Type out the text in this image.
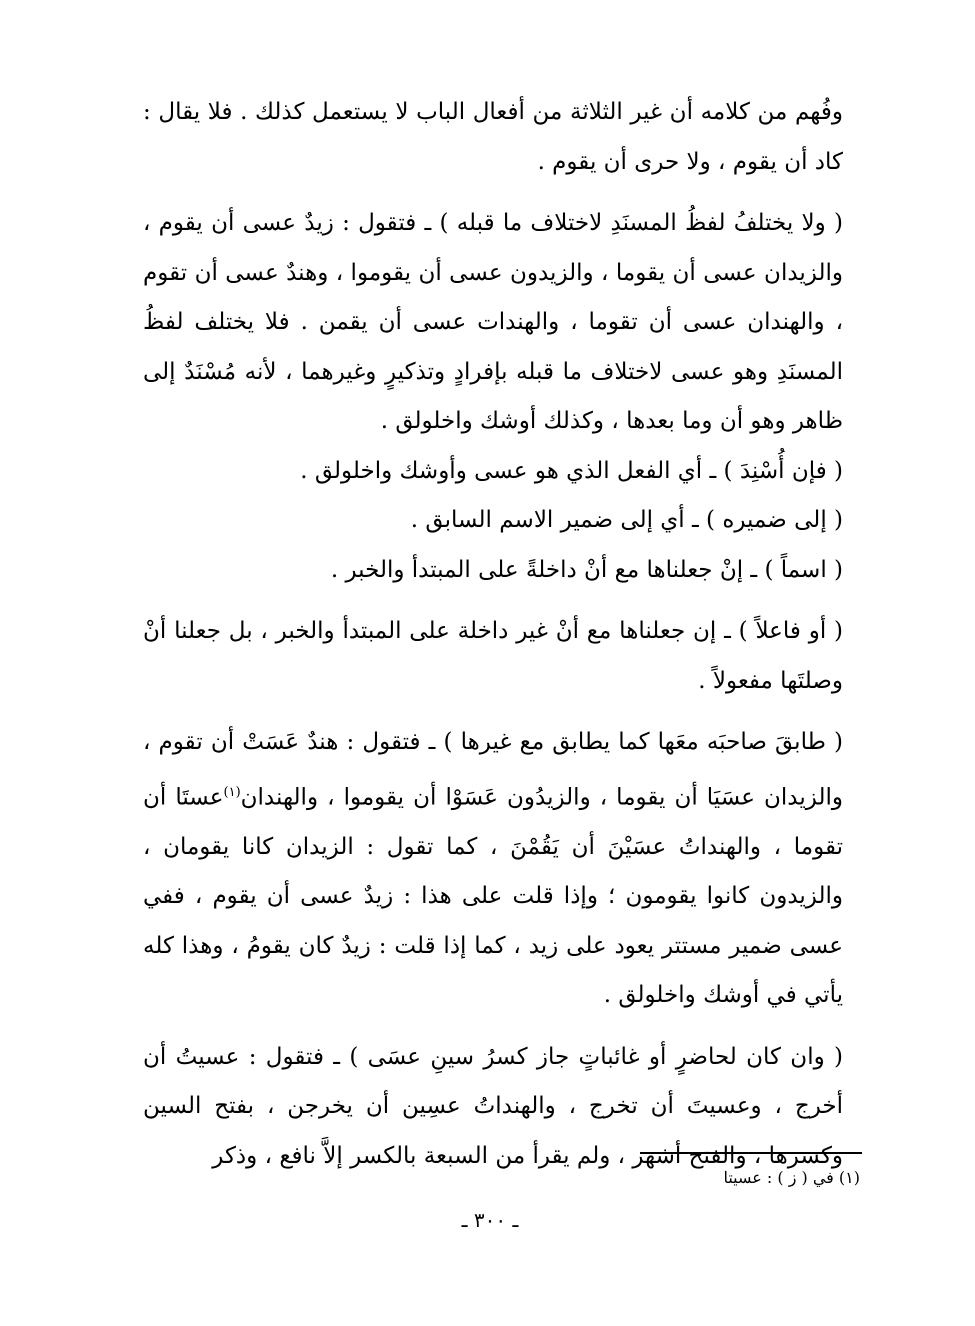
وفُهم من كلامه أن غير الثلاثة من أفعال الباب لا يستعمل كذلك . فلا يقال : كاد أن يقوم ، ولا حرى أن يقوم .

( ولا يختلفُ لفظُ المسنَدِ لاختلاف ما قبله ) ـ فتقول : زيدٌ عسى أن يقوم ، والزيدان عسى أن يقوما ، والزيدون عسى أن يقوموا ، وهندٌ عسى أن تقوم ، والهندان عسى أن تقوما ، والهندات عسى أن يقمن . فلا يختلف لفظُ المسنَدِ وهو عسى لاختلاف ما قبله بإفرادٍ وتذكيرٍ وغيرهما ، لأنه مُسْنَدٌ إلى ظاهر وهو أن وما بعدها ، وكذلك أوشك واخلولق .

( فإن أُسْنِدَ ) ـ أي الفعل الذي هو عسى وأوشك واخلولق .

( إلى ضميره ) ـ أي إلى ضمير الاسم السابق .

( اسماً ) ـ إنْ جعلناها مع أنْ داخلةً على المبتدأ والخبر .

( أو فاعلاً ) ـ إن جعلناها مع أنْ غير داخلة على المبتدأ والخبر ، بل جعلنا أنْ وصلتَها مفعولاً .

( طابقَ صاحبَه معَها كما يطابق مع غيرها ) ـ فتقول : هندٌ عَسَتْ أن تقوم ، والزيدان عسَيَا أن يقوما ، والزيدُون عَسَوْا أن يقوموا ، والهندان$^{(١)}$عستَا أن تقوما ، والهنداتُ عسَيْنَ أن يَقُمْنَ ، كما تقول : الزيدان كانا يقومان ، والزيدون كانوا يقومون ؛ وإذا قلت على هذا : زيدٌ عسى أن يقوم ، ففي عسى ضمير مستتر يعود على زيد ، كما إذا قلت : زيدٌ كان يقومُ ، وهذا كله يأتي في أوشك واخلولق .

( وان كان لحاضرٍ أو غائباتٍ جاز كسرُ سينِ عسَى ) ـ فتقول : عسيتُ أن أخرج ، وعسيتَ أن تخرج ، والهنداتُ عسِين أن يخرجن ، بفتح السين وكسرها ، والفتح أشهر ، ولم يقرأ من السبعة بالكسر إلاَّ نافع ، وذكر

(١) في ( ز ) : عسيتا
ـ ٣٠٠ ـ
